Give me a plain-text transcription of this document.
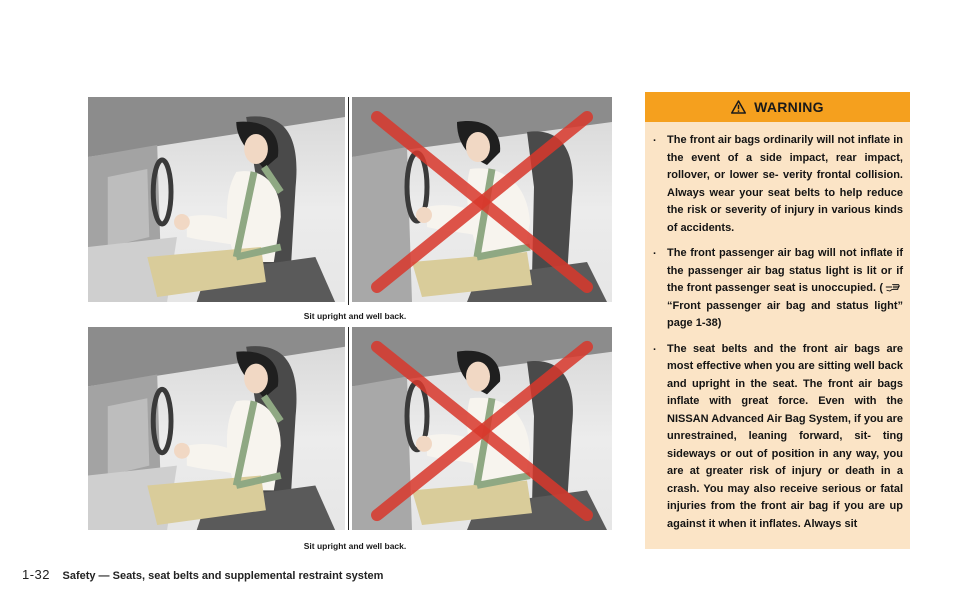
Sit upright and well back.
Sit upright and well back.
WARNING
. The front air bags ordinarily will not inflate in the event of a side impact, rear impact, rollover, or lower se- verity frontal collision. Always wear your seat belts to help reduce the risk or severity of injury in various kinds of accidents.
. The front passenger air bag will not inflate if the passenger air bag status light is lit or if the front passenger seat is unoccupied. (“Front passenger air bag and status light” page 1-38)
. The seat belts and the front air bags are most effective when you are sitting well back and upright in the seat. The front air bags inflate with great force. Even with the NISSAN Advanced Air Bag System, if you are unrestrained, leaning forward, sit- ting sideways or out of position in any way, you are at greater risk of injury or death in a crash. You may also receive serious or fatal injuries from the front air bag if you are up against it when it inflates. Always sit
1-32 Safety — Seats, seat belts and supplemental restraint system
